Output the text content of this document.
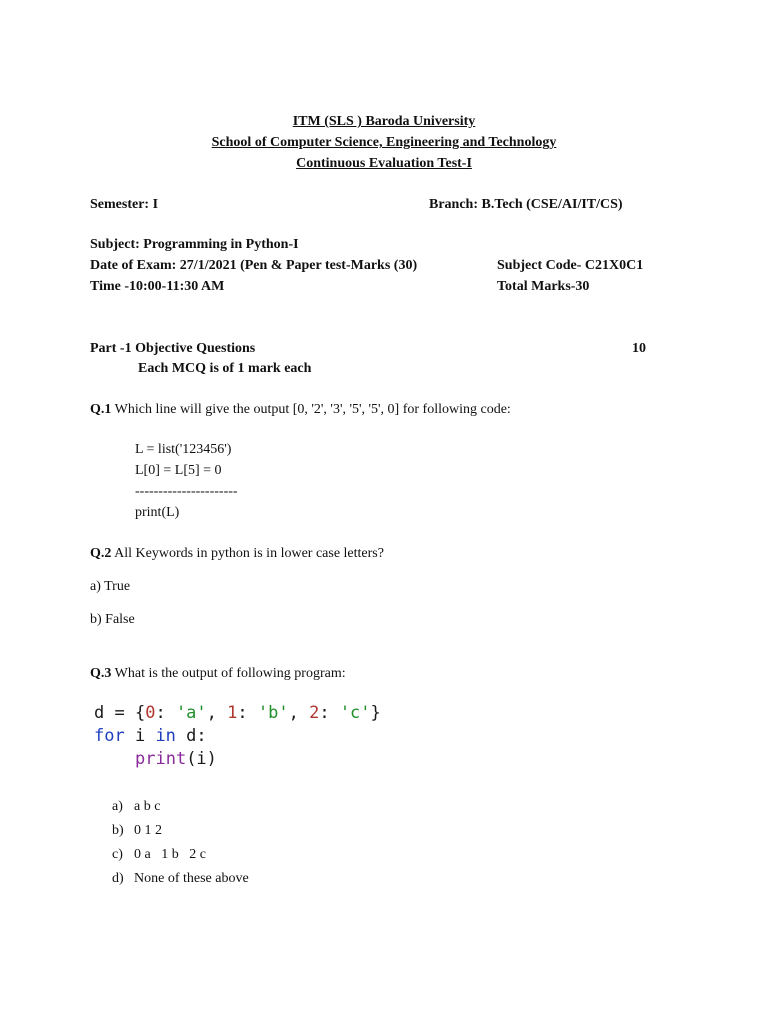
ITM (SLS ) Baroda University
School of Computer Science, Engineering and Technology
Continuous Evaluation Test-I
Semester: I	Branch: B.Tech (CSE/AI/IT/CS)
Subject: Programming in Python-I
Date of Exam: 27/1/2021 (Pen & Paper test-Marks (30)	Subject Code- C21X0C1
Time -10:00-11:30 AM	Total Marks-30
Part -1 Objective Questions	10
Each MCQ is of 1 mark each
Q.1 Which line will give the output [0, '2', '3', '5', '5', 0] for following code:
L = list('123456')
L[0] = L[5] = 0
----------------------
print(L)
Q.2 All Keywords in python is in lower case letters?
a) True
b) False
Q.3 What is the output of following program:
d = {0: 'a', 1: 'b', 2: 'c'}
for i in d:
print(i)
a) a b c
b) 0 1 2
c) 0 a   1 b   2 c
d) None of these above
